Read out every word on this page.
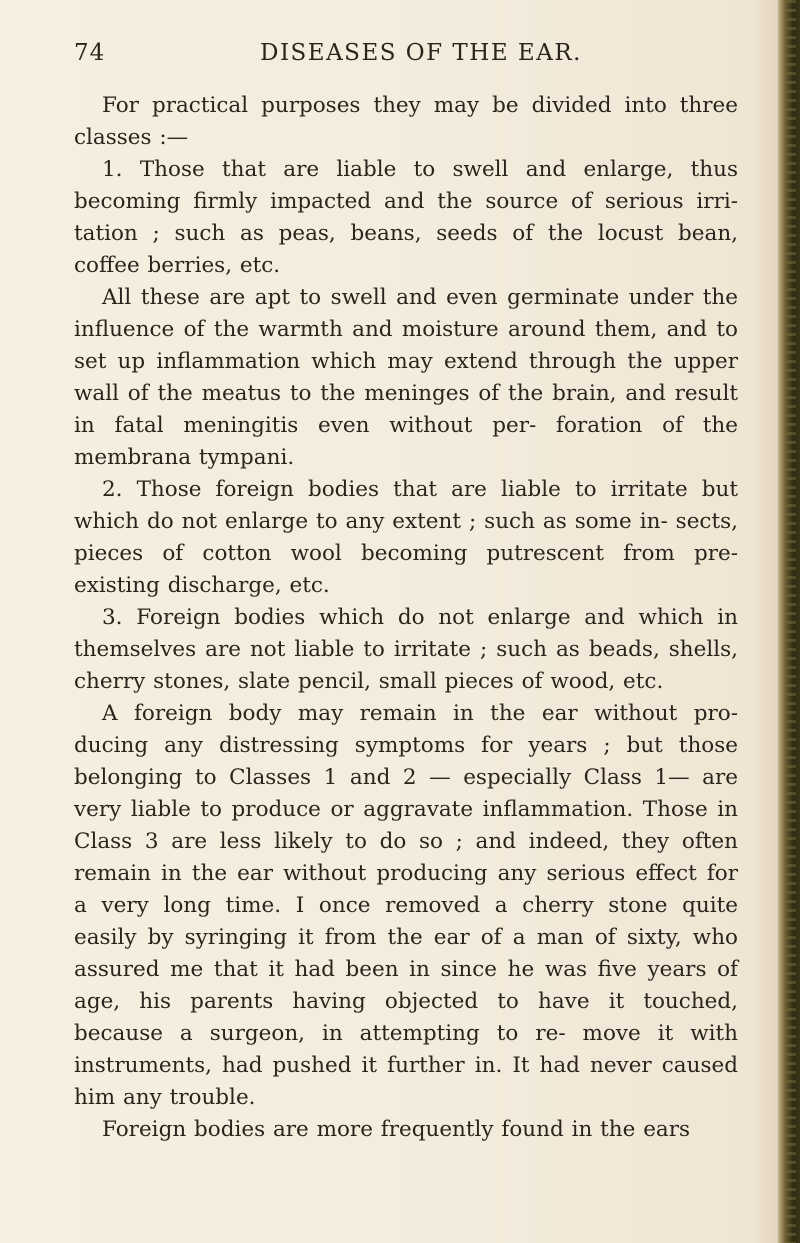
74	DISEASES OF THE EAR.

For practical purposes they may be divided into three classes :—

1. Those that are liable to swell and enlarge, thus becoming firmly impacted and the source of serious irri- tation ; such as peas, beans, seeds of the locust bean, coffee berries, etc.

All these are apt to swell and even germinate under the influence of the warmth and moisture around them, and to set up inflammation which may extend through the upper wall of the meatus to the meninges of the brain, and result in fatal meningitis even without per- foration of the membrana tympani.

2. Those foreign bodies that are liable to irritate but which do not enlarge to any extent ; such as some in- sects, pieces of cotton wool becoming putrescent from pre-existing discharge, etc.

3. Foreign bodies which do not enlarge and which in themselves are not liable to irritate ; such as beads, shells, cherry stones, slate pencil, small pieces of wood, etc.

A foreign body may remain in the ear without pro- ducing any distressing symptoms for years ; but those belonging to Classes 1 and 2 — especially Class 1— are very liable to produce or aggravate inflammation. Those in Class 3 are less likely to do so ; and indeed, they often remain in the ear without producing any serious effect for a very long time. I once removed a cherry stone quite easily by syringing it from the ear of a man of sixty, who assured me that it had been in since he was five years of age, his parents having objected to have it touched, because a surgeon, in attempting to re- move it with instruments, had pushed it further in. It had never caused him any trouble.

Foreign bodies are more frequently found in the ears
